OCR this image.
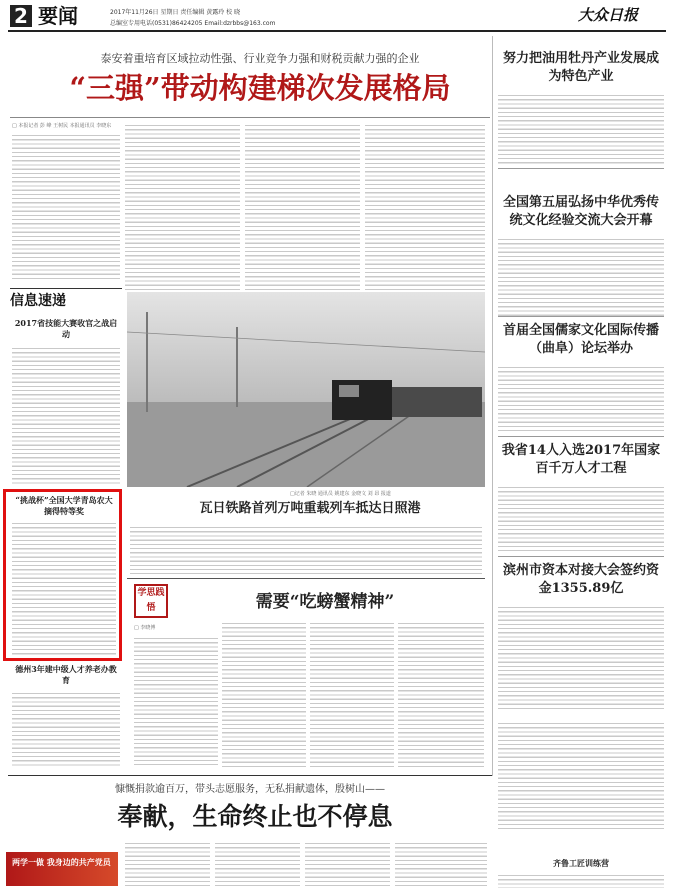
2 要闻	2017年11月26日 星期日 责任编辑 黄露玲 校 晓
总编室专用电话(0531)86424205 Email:dzrbbs@163.com	大众日报
泰安着重培育区域拉动性强、行业竞争力强和财税贡献力强的企业
“三强”带动构建梯次发展格局
□ 本报记者 彭 峰 王树民 本报通讯员 李晓东
信息速递
2017省技能大赛收官之战启动
“挑战杯”全国大学青岛农大摘得特等奖
德州3年建中级人才养老办教育
□记者 朱晓 通讯员 姚建东 金晓文 刘 昂 报道
瓦日铁路首列万吨重载列车抵达日照港
学思践悟	需要“吃螃蟹精神”
□ 李晓博
努力把油用牡丹产业发展成为特色产业
全国第五届弘扬中华优秀传统文化经验交流大会开幕
首届全国儒家文化国际传播（曲阜）论坛举办
我省14人入选2017年国家百千万人才工程
滨州市资本对接大会签约资金1355.89亿
齐鲁工匠训练营
慷慨捐款逾百万，带头志愿服务，无私捐献遗体，殷树山——
奉献，生命终止也不停息
两学一做 我身边的共产党员
